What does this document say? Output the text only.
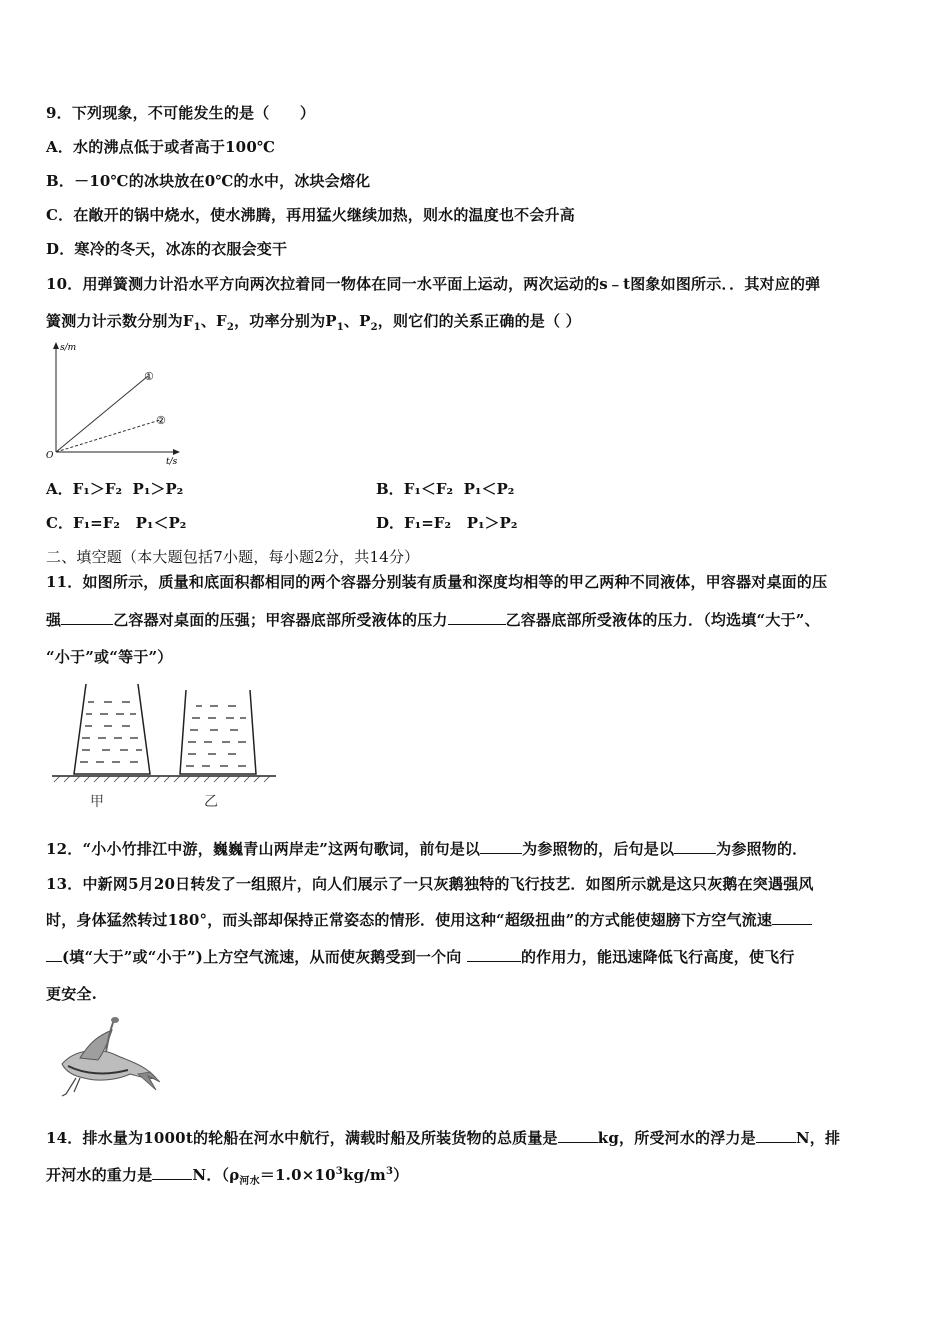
9．下列现象，不可能发生的是（　　）
A．水的沸点低于或者高于100℃
B．－10℃的冰块放在0℃的水中，冰块会熔化
C．在敞开的锅中烧水，使水沸腾，再用猛火继续加热，则水的温度也不会升高
D．寒冷的冬天，冰冻的衣服会变干
10．用弹簧测力计沿水平方向两次拉着同一物体在同一水平面上运动，两次运动的s﹣t图象如图所示．．其对应的弹
簧测力计示数分别为$F_1$、$F_2$，功率分别为$P_1$、$P_2$，则它们的关系正确的是（ ）
s/m
t/s
O
①
②
A．F₁＞F₂ P₁＞P₂	B．F₁＜F₂ P₁＜P₂
C．F₁=F₂ P₁＜P₂	D．F₁=F₂ P₁＞P₂
二、填空题（本大题包括7小题，每小题2分，共14分）
11．如图所示，质量和底面积都相同的两个容器分别装有质量和深度均相等的甲乙两种不同液体，甲容器对桌面的压
强	乙容器对桌面的压强；甲容器底部所受液体的压力	乙容器底部所受液体的压力．（均选填“大于”、
“小于”或“等于”）
甲	乙
12．“小小竹排江中游，巍巍青山两岸走”这两句歌词，前句是以	为参照物的，后句是以	为参照物的．
13．中新网5月20日转发了一组照片，向人们展示了一只灰鹅独特的飞行技艺．如图所示就是这只灰鹅在突遇强风
时，身体猛然转过180°，而头部却保持正常姿态的情形．使用这种“超级扭曲”的方式能使翅膀下方空气流速
(填“大于”或“小于”)上方空气流速，从而使灰鹅受到一个向	的作用力，能迅速降低飞行高度，使飞行
更安全.
14．排水量为1000t的轮船在河水中航行，满载时船及所装货物的总质量是	kg，所受河水的浮力是	N，排
开河水的重力是	N．$(\rho_{河水}=1.0\times 10^3kg/m^3)$
